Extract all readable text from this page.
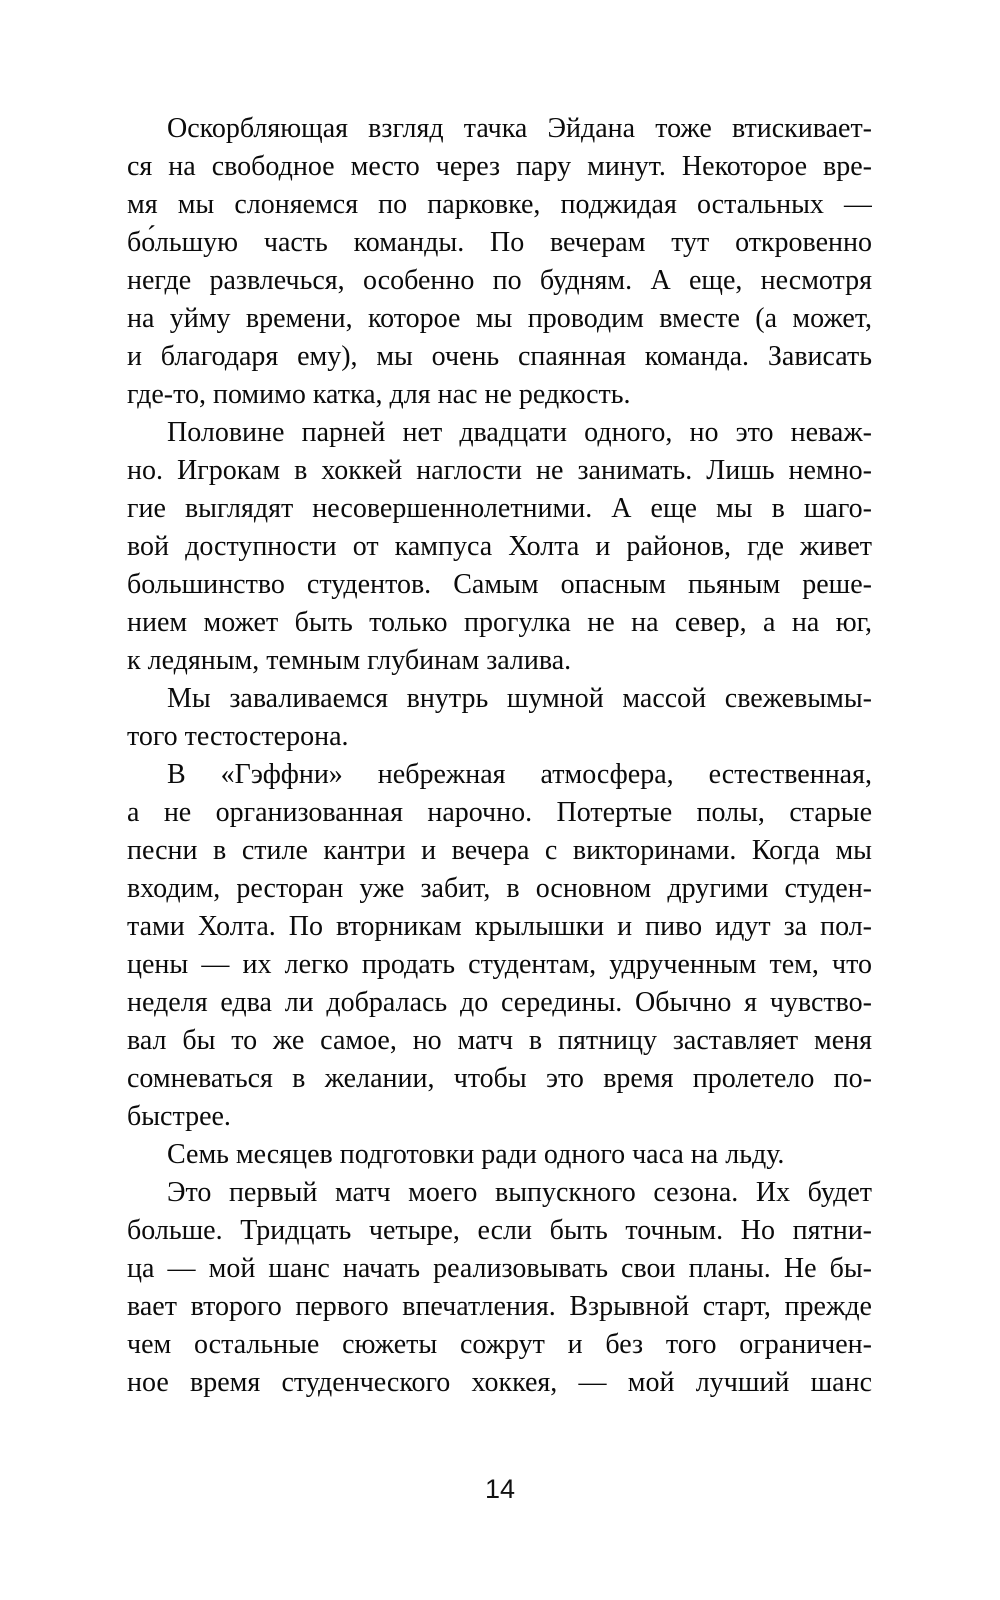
Оскорбляющая взгляд тачка Эйдана тоже втискивает-
ся на свободное место через пару минут. Некоторое вре-
мя мы слоняемся по парковке, поджидая остальных —
бо́льшую часть команды. По вечерам тут откровенно
негде развлечься, особенно по будням. А еще, несмотря
на уйму времени, которое мы проводим вместе (а может,
и благодаря ему), мы очень спаянная команда. Зависать
где-то, помимо катка, для нас не редкость.
Половине парней нет двадцати одного, но это неваж-
но. Игрокам в хоккей наглости не занимать. Лишь немно-
гие выглядят несовершеннолетними. А еще мы в шаго-
вой доступности от кампуса Холта и районов, где живет
большинство студентов. Самым опасным пьяным реше-
нием может быть только прогулка не на север, а на юг,
к ледяным, темным глубинам залива.
Мы заваливаемся внутрь шумной массой свежевымы-
того тестостерона.
В «Гэффни» небрежная атмосфера, естественная,
а не организованная нарочно. Потертые полы, старые
песни в стиле кантри и вечера с викторинами. Когда мы
входим, ресторан уже забит, в основном другими студен-
тами Холта. По вторникам крылышки и пиво идут за пол-
цены — их легко продать студентам, удрученным тем, что
неделя едва ли добралась до середины. Обычно я чувство-
вал бы то же самое, но матч в пятницу заставляет меня
сомневаться в желании, чтобы это время пролетело по-
быстрее.
Семь месяцев подготовки ради одного часа на льду.
Это первый матч моего выпускного сезона. Их будет
больше. Тридцать четыре, если быть точным. Но пятни-
ца — мой шанс начать реализовывать свои планы. Не бы-
вает второго первого впечатления. Взрывной старт, прежде
чем остальные сюжеты сожрут и без того ограничен-
ное время студенческого хоккея, — мой лучший шанс
14
